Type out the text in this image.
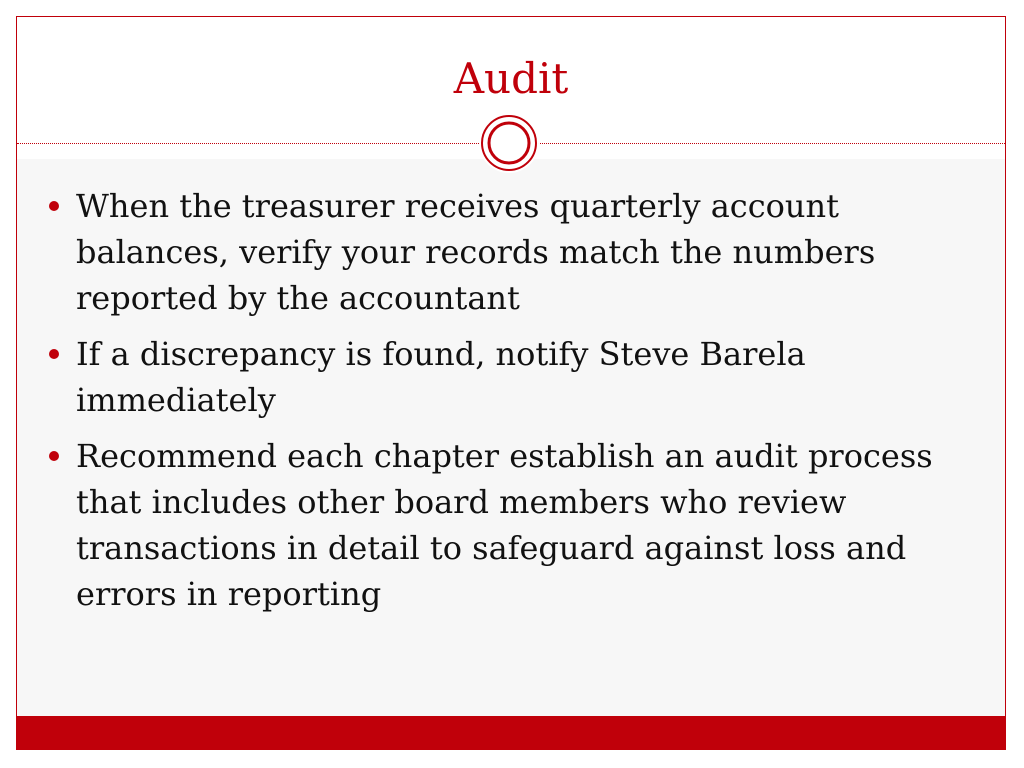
Audit
When the treasurer receives quarterly account balances, verify your records match the numbers reported by the accountant
If a discrepancy is found, notify Steve Barela immediately
Recommend each chapter establish an audit process that includes other board members who review transactions in detail to safeguard against loss and errors in reporting
